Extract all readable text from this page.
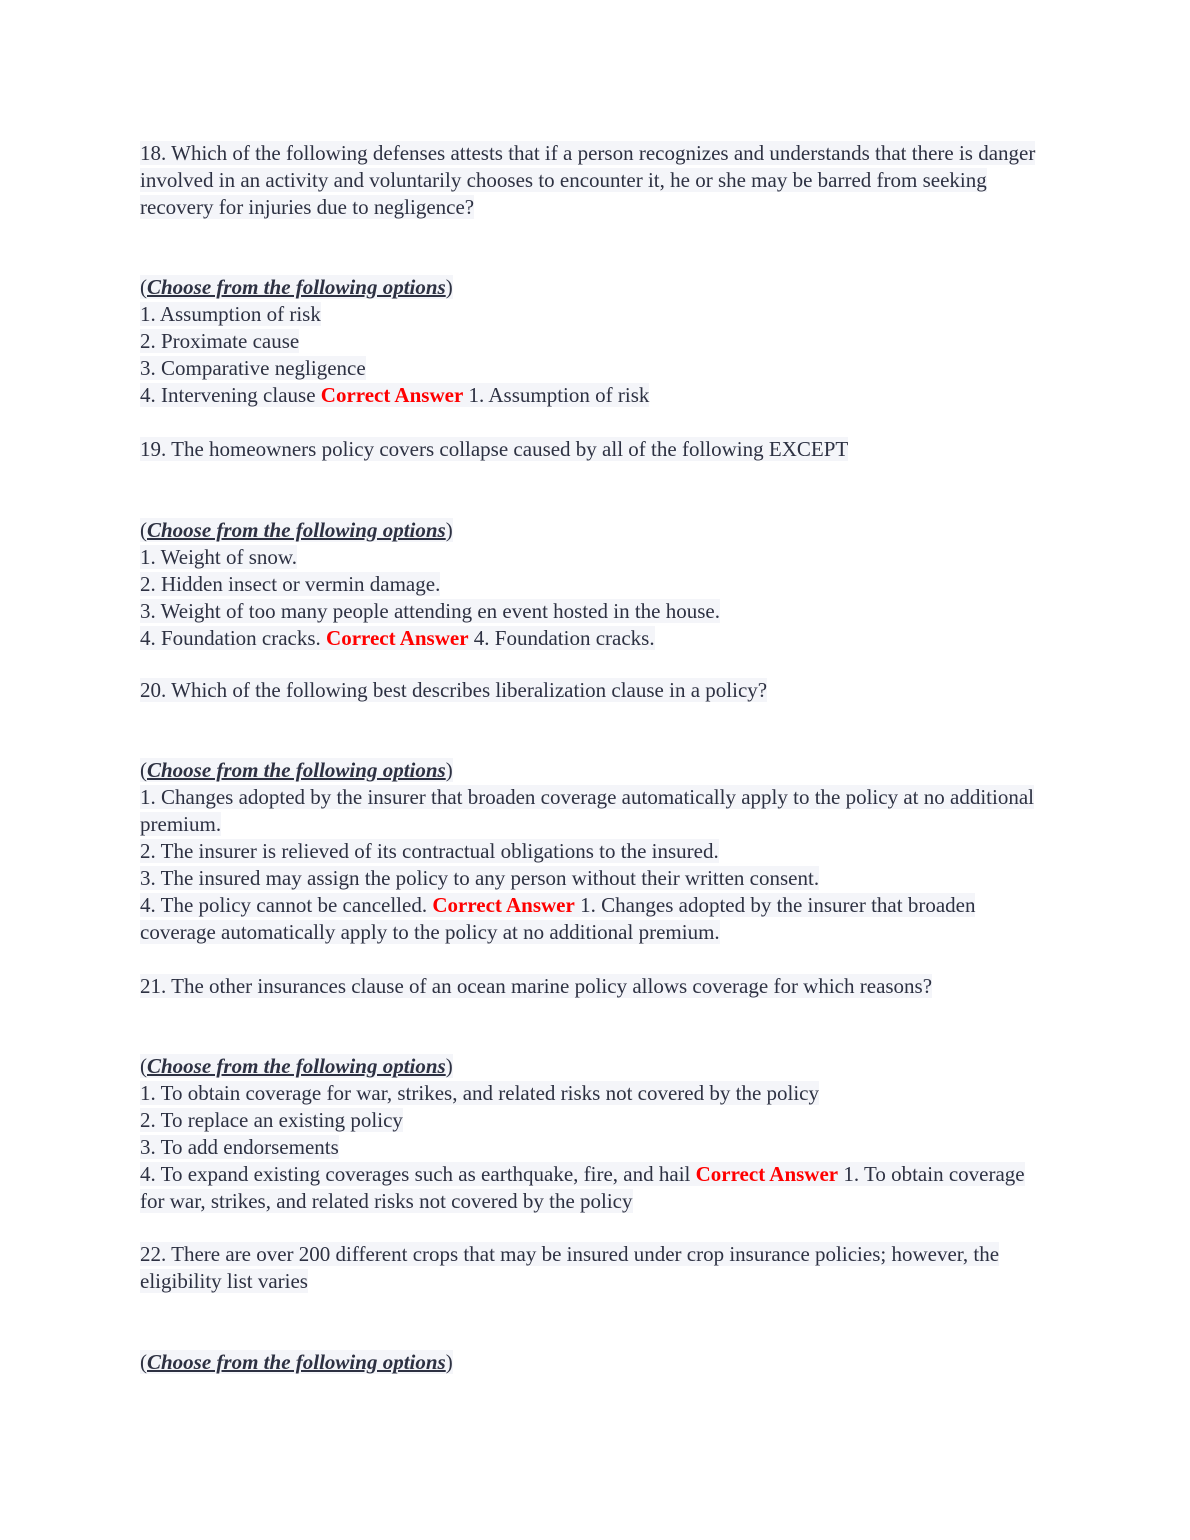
18. Which of the following defenses attests that if a person recognizes and understands that there is danger involved in an activity and voluntarily chooses to encounter it, he or she may be barred from seeking recovery for injuries due to negligence?
(Choose from the following options)
1. Assumption of risk
2. Proximate cause
3. Comparative negligence
4. Intervening clause Correct Answer 1. Assumption of risk
19. The homeowners policy covers collapse caused by all of the following EXCEPT
(Choose from the following options)
1. Weight of snow.
2. Hidden insect or vermin damage.
3. Weight of too many people attending en event hosted in the house.
4. Foundation cracks. Correct Answer 4. Foundation cracks.
20. Which of the following best describes liberalization clause in a policy?
(Choose from the following options)
1. Changes adopted by the insurer that broaden coverage automatically apply to the policy at no additional premium.
2. The insurer is relieved of its contractual obligations to the insured.
3. The insured may assign the policy to any person without their written consent.
4. The policy cannot be cancelled. Correct Answer 1. Changes adopted by the insurer that broaden coverage automatically apply to the policy at no additional premium.
21. The other insurances clause of an ocean marine policy allows coverage for which reasons?
(Choose from the following options)
1. To obtain coverage for war, strikes, and related risks not covered by the policy
2. To replace an existing policy
3. To add endorsements
4. To expand existing coverages such as earthquake, fire, and hail Correct Answer 1. To obtain coverage for war, strikes, and related risks not covered by the policy
22. There are over 200 different crops that may be insured under crop insurance policies; however, the eligibility list varies
(Choose from the following options)
